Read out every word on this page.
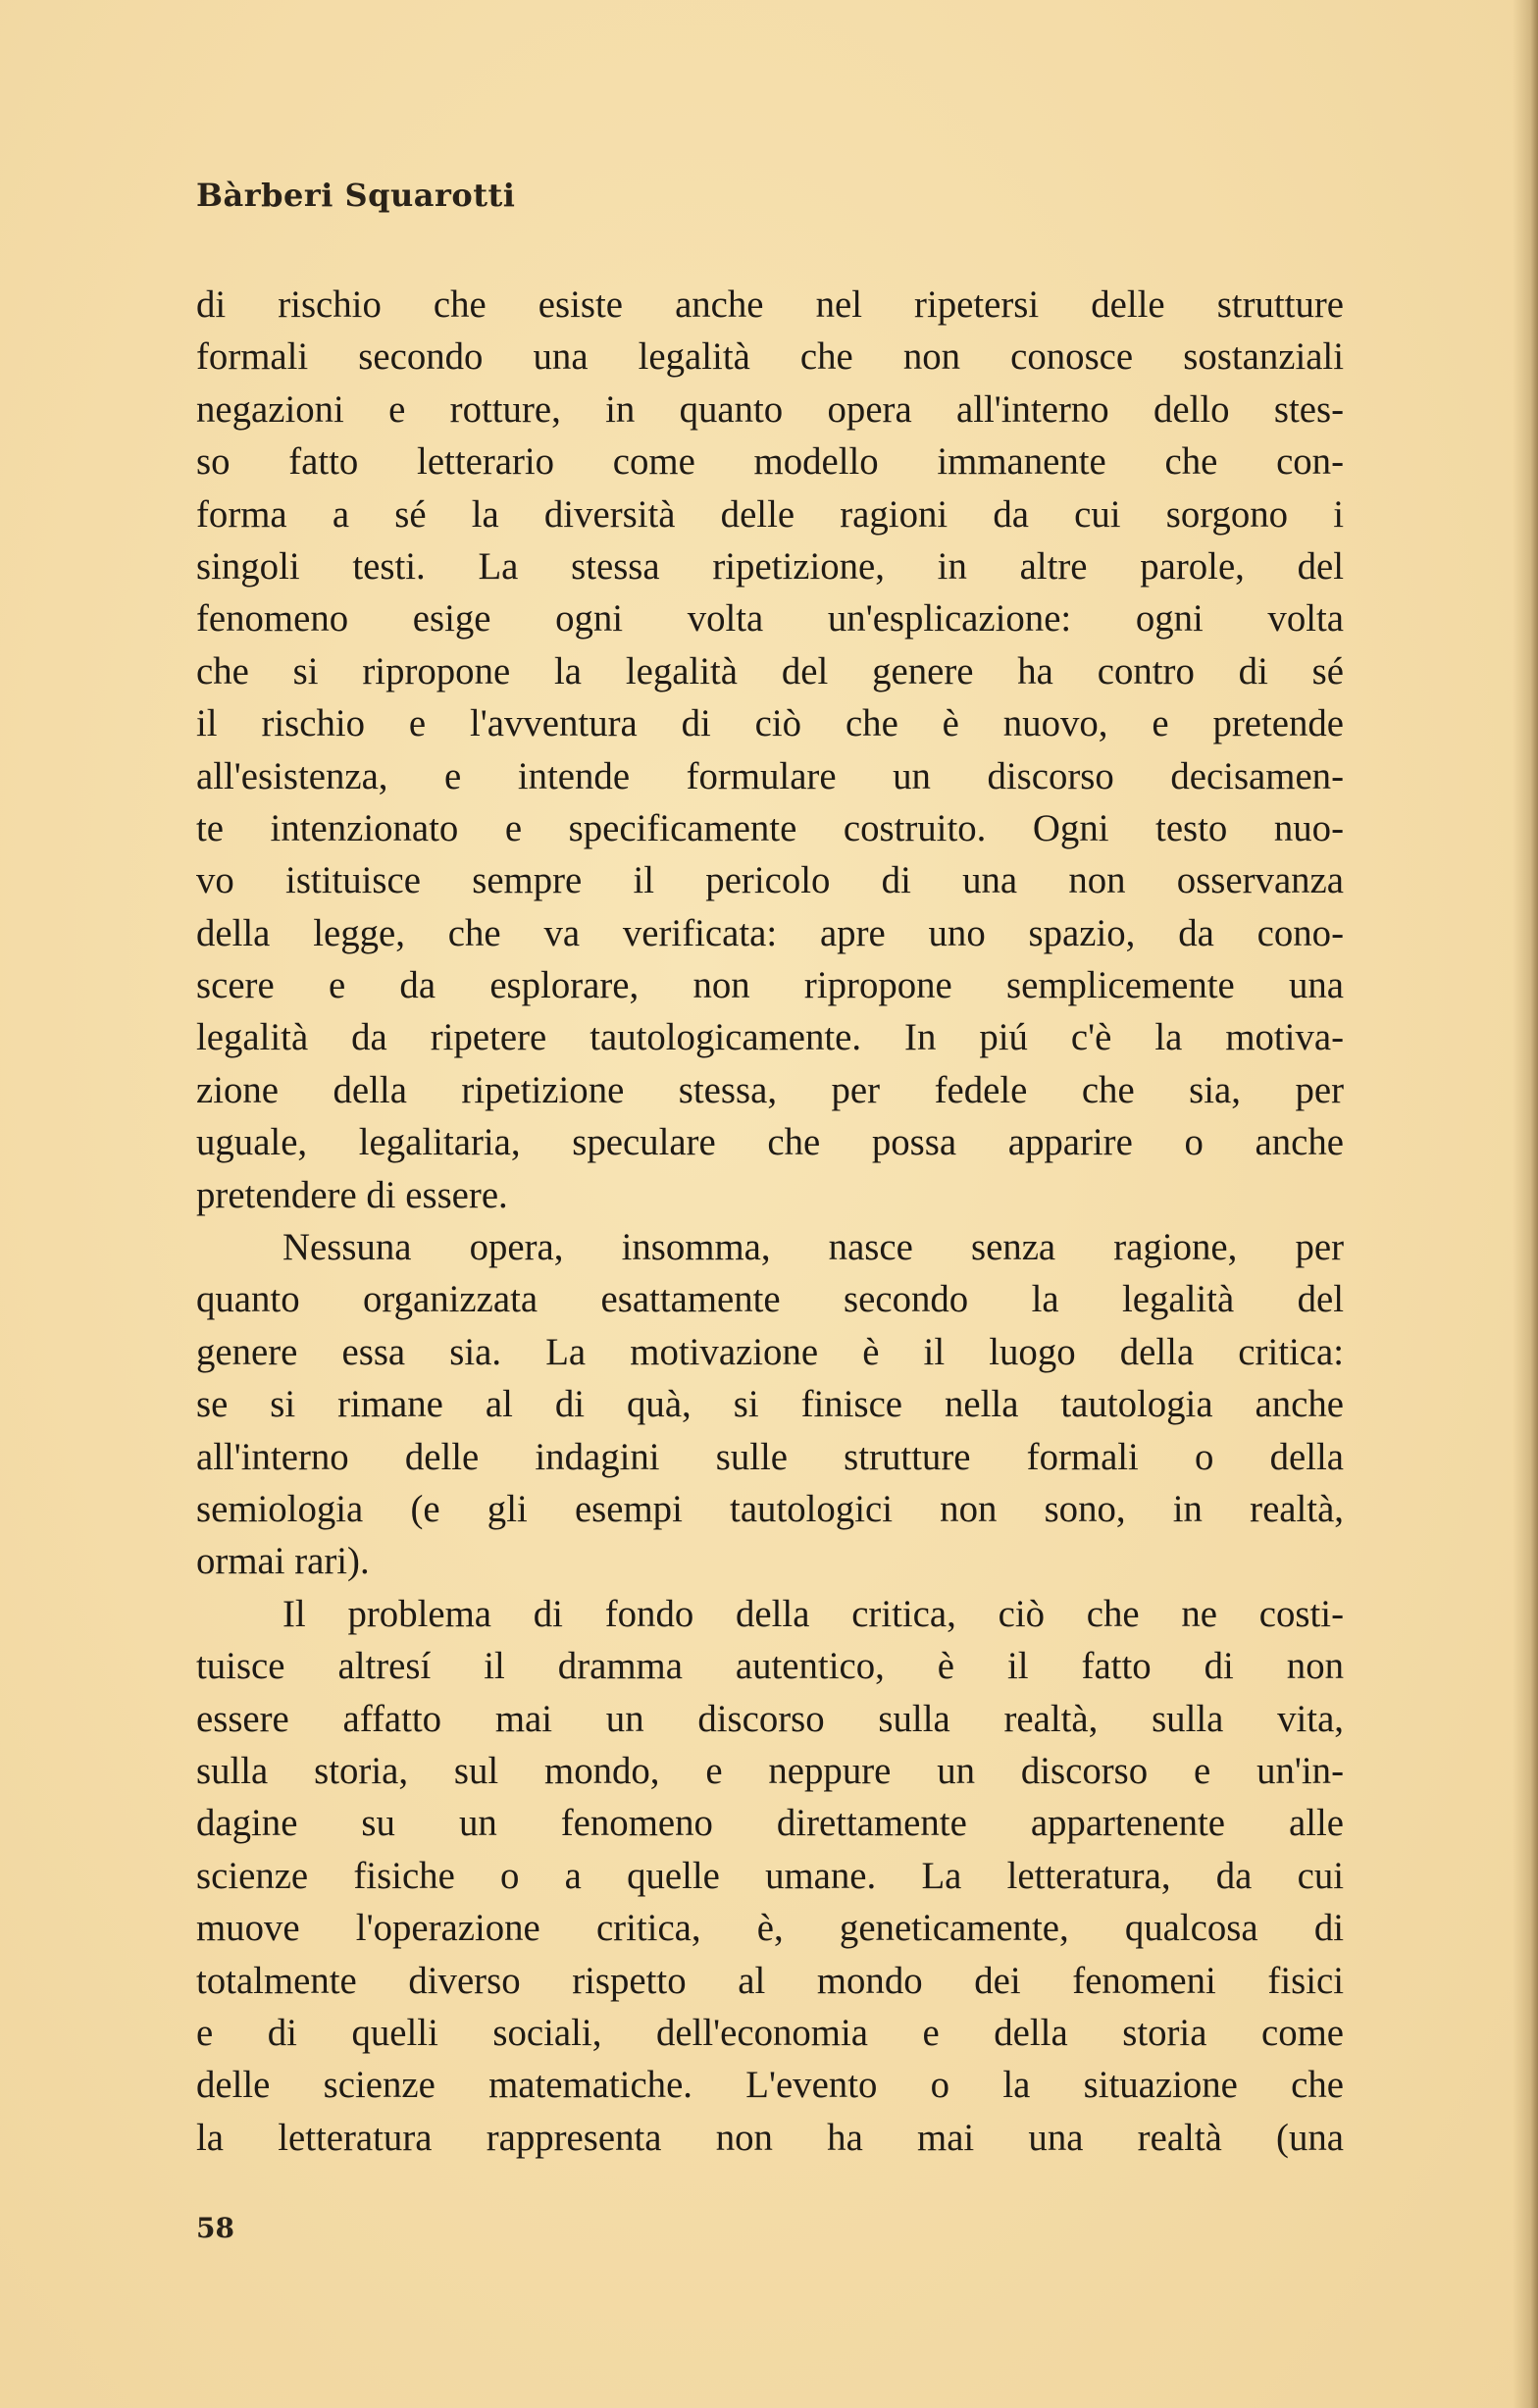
Bàrberi Squarotti
di rischio che esiste anche nel ripetersi delle strutture
formali secondo una legalità che non conosce sostanziali
negazioni e rotture, in quanto opera all'interno dello stes-
so fatto letterario come modello immanente che con-
forma a sé la diversità delle ragioni da cui sorgono i
singoli testi. La stessa ripetizione, in altre parole, del
fenomeno esige ogni volta un'esplicazione: ogni volta
che si ripropone la legalità del genere ha contro di sé
il rischio e l'avventura di ciò che è nuovo, e pretende
all'esistenza, e intende formulare un discorso decisamen-
te intenzionato e specificamente costruito. Ogni testo nuo-
vo istituisce sempre il pericolo di una non osservanza
della legge, che va verificata: apre uno spazio, da cono-
scere e da esplorare, non ripropone semplicemente una
legalità da ripetere tautologicamente. In piú c'è la motiva-
zione della ripetizione stessa, per fedele che sia, per
uguale, legalitaria, speculare che possa apparire o anche
pretendere di essere.
Nessuna opera, insomma, nasce senza ragione, per
quanto organizzata esattamente secondo la legalità del
genere essa sia. La motivazione è il luogo della critica:
se si rimane al di quà, si finisce nella tautologia anche
all'interno delle indagini sulle strutture formali o della
semiologia (e gli esempi tautologici non sono, in realtà,
ormai rari).
Il problema di fondo della critica, ciò che ne costi-
tuisce altresí il dramma autentico, è il fatto di non
essere affatto mai un discorso sulla realtà, sulla vita,
sulla storia, sul mondo, e neppure un discorso e un'in-
dagine su un fenomeno direttamente appartenente alle
scienze fisiche o a quelle umane. La letteratura, da cui
muove l'operazione critica, è, geneticamente, qualcosa di
totalmente diverso rispetto al mondo dei fenomeni fisici
e di quelli sociali, dell'economia e della storia come
delle scienze matematiche. L'evento o la situazione che
la letteratura rappresenta non ha mai una realtà (una
58
